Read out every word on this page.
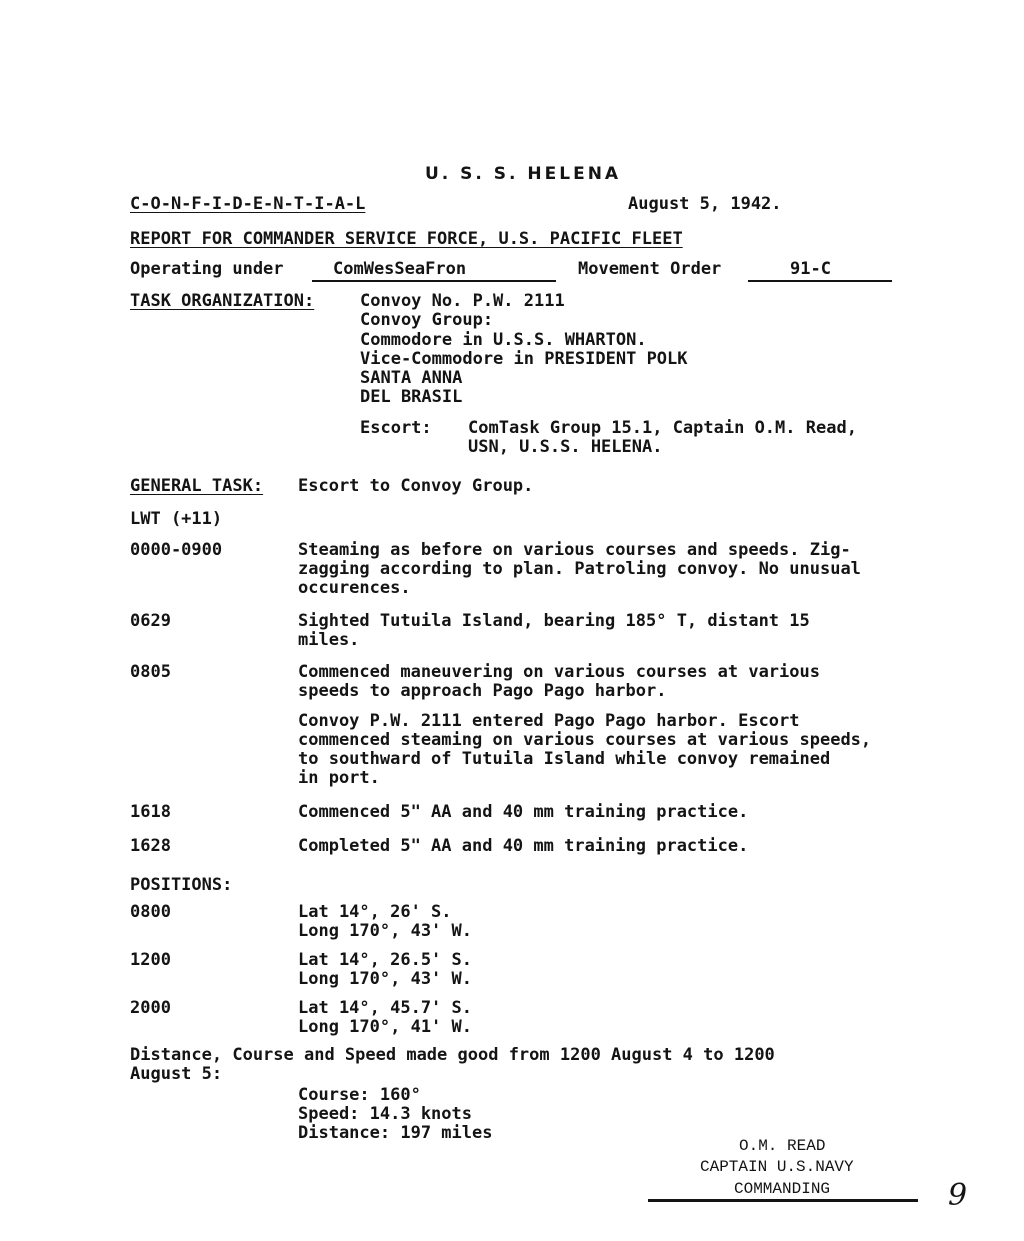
U. S. S. HELENA
C-O-N-F-I-D-E-N-T-I-A-L	August 5, 1942.
REPORT FOR COMMANDER SERVICE FORCE, U.S. PACIFIC FLEET
Operating under	ComWesSeaFron	Movement Order	91-C
TASK ORGANIZATION:	Convoy No. P.W. 2111
Convoy Group:
Commodore in U.S.S. WHARTON.
Vice-Commodore in PRESIDENT POLK
SANTA ANNA
DEL BRASIL
Escort: ComTask Group 15.1, Captain O.M. Read,
USN, U.S.S. HELENA.
GENERAL TASK: Escort to Convoy Group.
LWT (+11)
0000-0900	Steaming as before on various courses and speeds. Zig-
zagging according to plan. Patroling convoy. No unusual
occurences.
0629	Sighted Tutuila Island, bearing 185° T, distant 15
miles.
0805	Commenced maneuvering on various courses at various
speeds to approach Pago Pago harbor.
Convoy P.W. 2111 entered Pago Pago harbor. Escort
commenced steaming on various courses at various speeds,
to southward of Tutuila Island while convoy remained
in port.
1618	Commenced 5" AA and 40 mm training practice.
1628	Completed 5" AA and 40 mm training practice.
POSITIONS:
0800	Lat 14°, 26' S.
Long 170°, 43' W.
1200	Lat 14°, 26.5' S.
Long 170°, 43' W.
2000	Lat 14°, 45.7' S.
Long 170°, 41' W.
Distance, Course and Speed made good from 1200 August 4 to 1200
August 5:
Course: 160°
Speed: 14.3 knots
Distance: 197 miles
O.M. READ
CAPTAIN U.S.NAVY
COMMANDING	9
